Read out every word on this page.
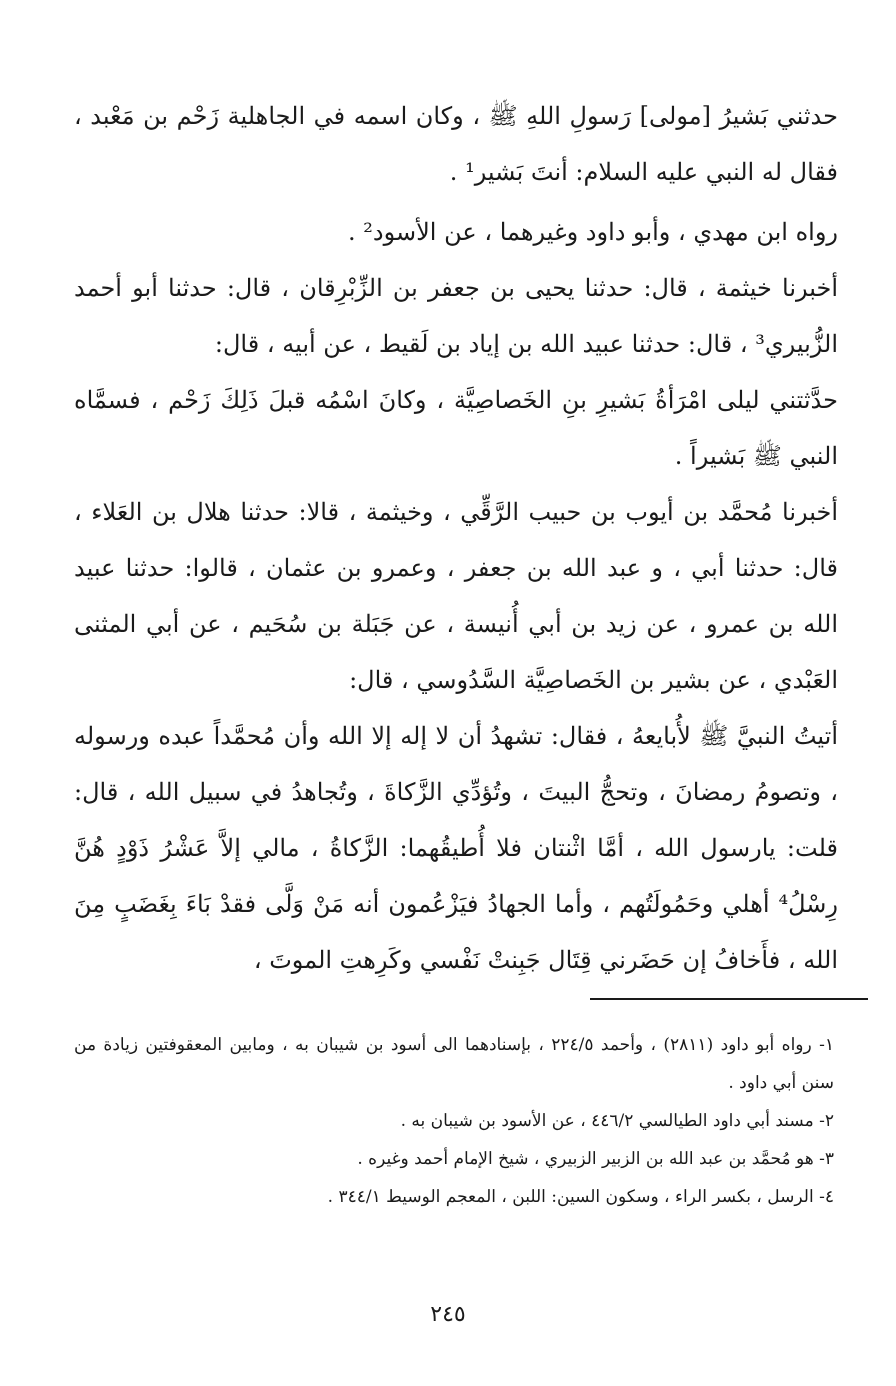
حدثني بَشيرُ [مولى] رَسولِ اللهِ ﷺ ، وكان اسمه في الجاهلية زَحْم بن مَعْبد ، فقال له النبي عليه السلام: أنتَ بَشير¹ .

رواه ابن مهدي ، وأبو داود وغيرهما ، عن الأسود² .

أخبرنا خيثمة ، قال: حدثنا يحيى بن جعفر بن الزِّبْرِقان ، قال: حدثنا أبو أحمد الزُّبيري³ ، قال: حدثنا عبيد الله بن إياد بن لَقيط ، عن أبيه ، قال:

حدَّثتني ليلى امْرَأةُ بَشيرِ بنِ الخَصاصِيَّة ، وكانَ اسْمُه قبلَ ذَلِكَ زَحْم ، فسمَّاه النبي ﷺ بَشيراً .

أخبرنا مُحمَّد بن أيوب بن حبيب الرَّقِّي ، وخيثمة ، قالا: حدثنا هلال بن العَلاء ، قال: حدثنا أبي ، و عبد الله بن جعفر ، وعمرو بن عثمان ، قالوا: حدثنا عبيد الله بن عمرو ، عن زيد بن أبي أُنيسة ، عن جَبَلة بن سُحَيم ، عن أبي المثنى العَبْدي ، عن بشير بن الخَصاصِيَّة السَّدُوسي ، قال:

أتيتُ النبيَّ ﷺ لأُبايعهُ ، فقال: تشهدُ أن لا إله إلا الله وأن مُحمَّداً عبده ورسوله ، وتصومُ رمضانَ ، وتحجُّ البيتَ ، وتُؤدِّي الزَّكاةَ ، وتُجاهدُ في سبيل الله ، قال: قلت: يارسول الله ، أمَّا اثْنتان فلا أُطيقُهما: الزَّكاةُ ، مالي إلاَّ عَشْرُ ذَوْدٍ هُنَّ رِسْلُ⁴ أهلي وحَمُولَتُهم ، وأما الجهادُ فيَزْعُمون أنه مَنْ وَلَّى فقدْ بَاءَ بِغَضَبٍ مِنَ الله ، فأَخافُ إن حَضَرني قِتَال جَبِنتْ نَفْسي وكَرِهتِ الموتَ ،

١- رواه أبو داود (٢٨١١) ، وأحمد ٢٢٤/٥ ، بإسنادهما الى أسود بن شيبان به ، ومابين المعقوفتين زيادة من سنن أبي داود .

٢- مسند أبي داود الطيالسي ٤٤٦/٢ ، عن الأسود بن شيبان به .

٣- هو مُحمَّد بن عبد الله بن الزبير الزبيري ، شيخ الإمام أحمد وغيره .

٤- الرسل ، بكسر الراء ، وسكون السين: اللبن ، المعجم الوسيط ٣٤٤/١ .

٢٤٥
